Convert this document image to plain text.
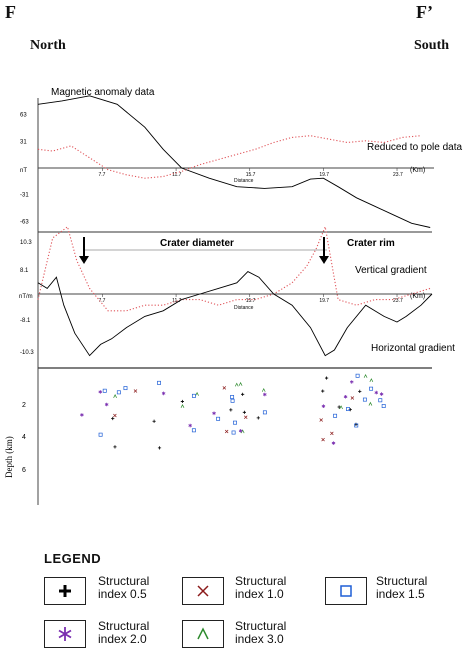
F	F’
North	South
Magnetic anomaly data
Reduced to pole data
nT
Distance
(Km)
63
31
-31
-63
7.7	11.7	15.7	19.7	23.7
Crater diameter	Crater rim
Vertical gradient
Horizontal gradient
nT/m
Distance
(Km)
10.3
8.1
-8.1
-10.3
7.7	11.7	15.7	19.7	23.7
Depth (km)
2
4
6
LEGEND
Structural
index 0.5
Structural
index 1.0
Structural
index 1.5
Structural
index 2.0
Structural
index 3.0
